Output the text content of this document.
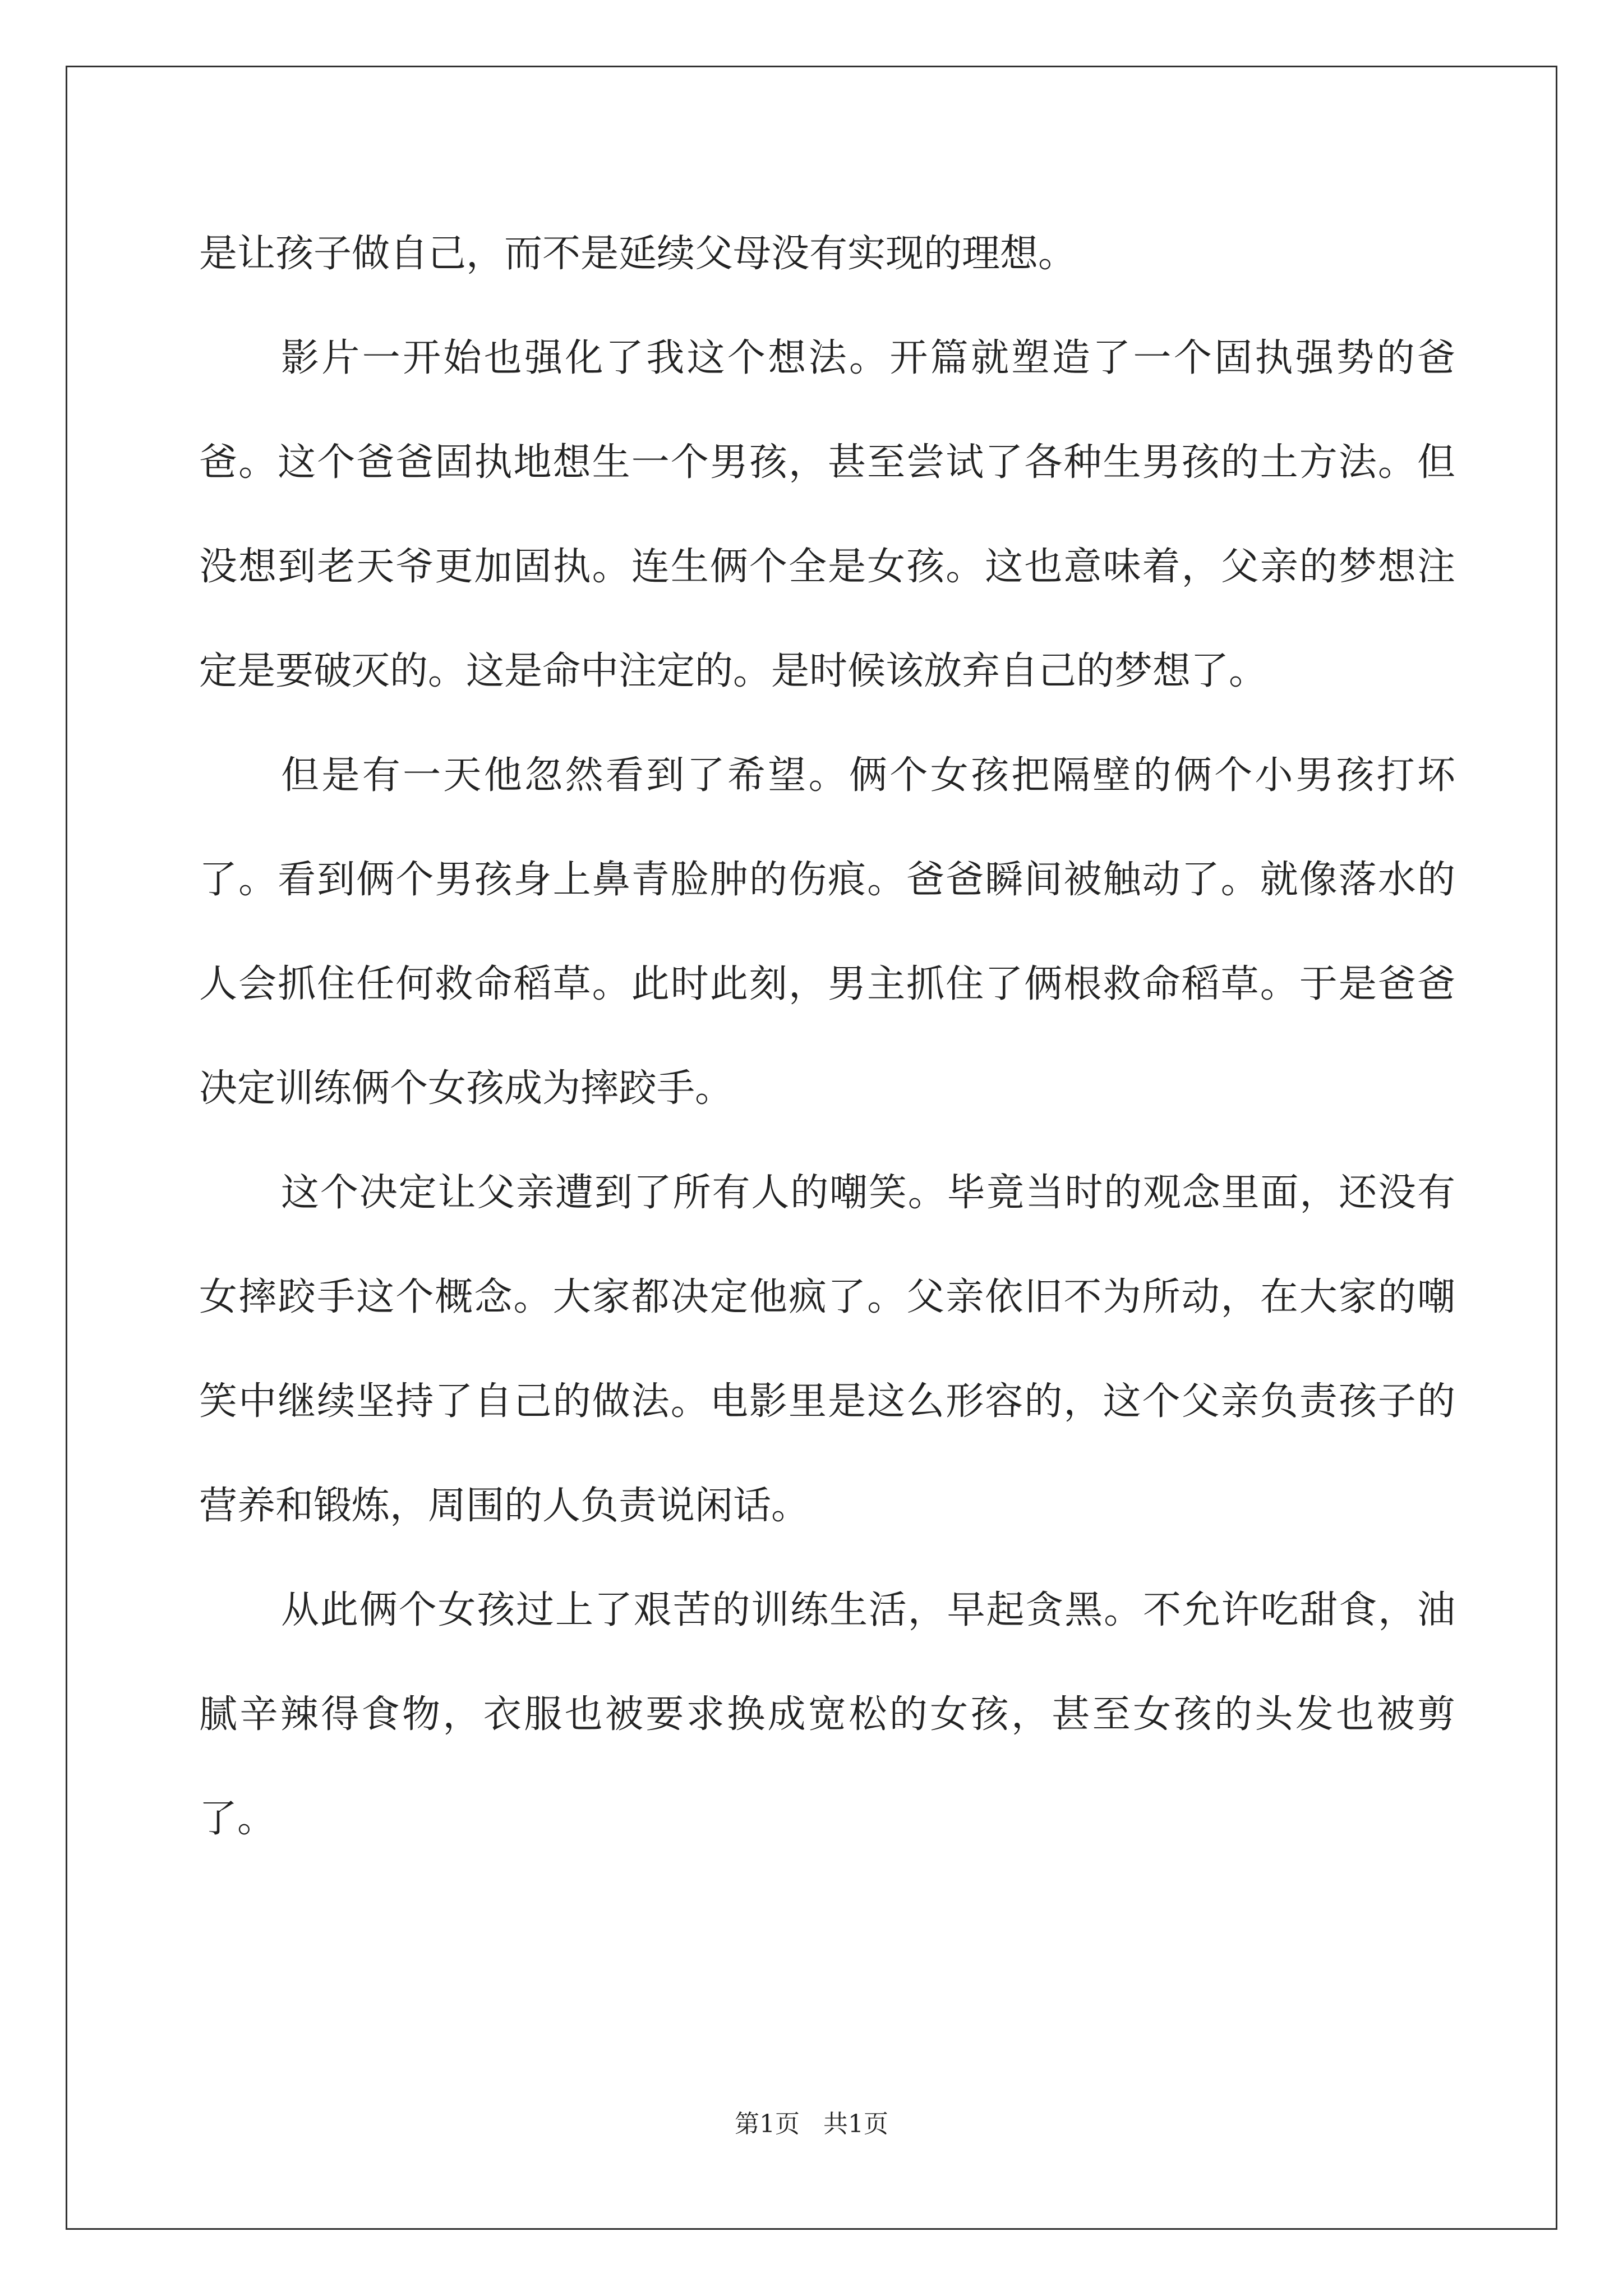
是让孩子做自己，而不是延续父母没有实现的理想。

影片一开始也强化了我这个想法。开篇就塑造了一个固执强势的爸爸。这个爸爸固执地想生一个男孩，甚至尝试了各种生男孩的土方法。但没想到老天爷更加固执。连生俩个全是女孩。这也意味着，父亲的梦想注定是要破灭的。这是命中注定的。是时候该放弃自己的梦想了。

但是有一天他忽然看到了希望。俩个女孩把隔壁的俩个小男孩打坏了。看到俩个男孩身上鼻青脸肿的伤痕。爸爸瞬间被触动了。就像落水的人会抓住任何救命稻草。此时此刻，男主抓住了俩根救命稻草。于是爸爸决定训练俩个女孩成为摔跤手。

这个决定让父亲遭到了所有人的嘲笑。毕竟当时的观念里面，还没有女摔跤手这个概念。大家都决定他疯了。父亲依旧不为所动，在大家的嘲笑中继续坚持了自己的做法。电影里是这么形容的，这个父亲负责孩子的营养和锻炼，周围的人负责说闲话。

从此俩个女孩过上了艰苦的训练生活，早起贪黑。不允许吃甜食，油腻辛辣得食物，衣服也被要求换成宽松的女孩，甚至女孩的头发也被剪了。

第1页 共1页
